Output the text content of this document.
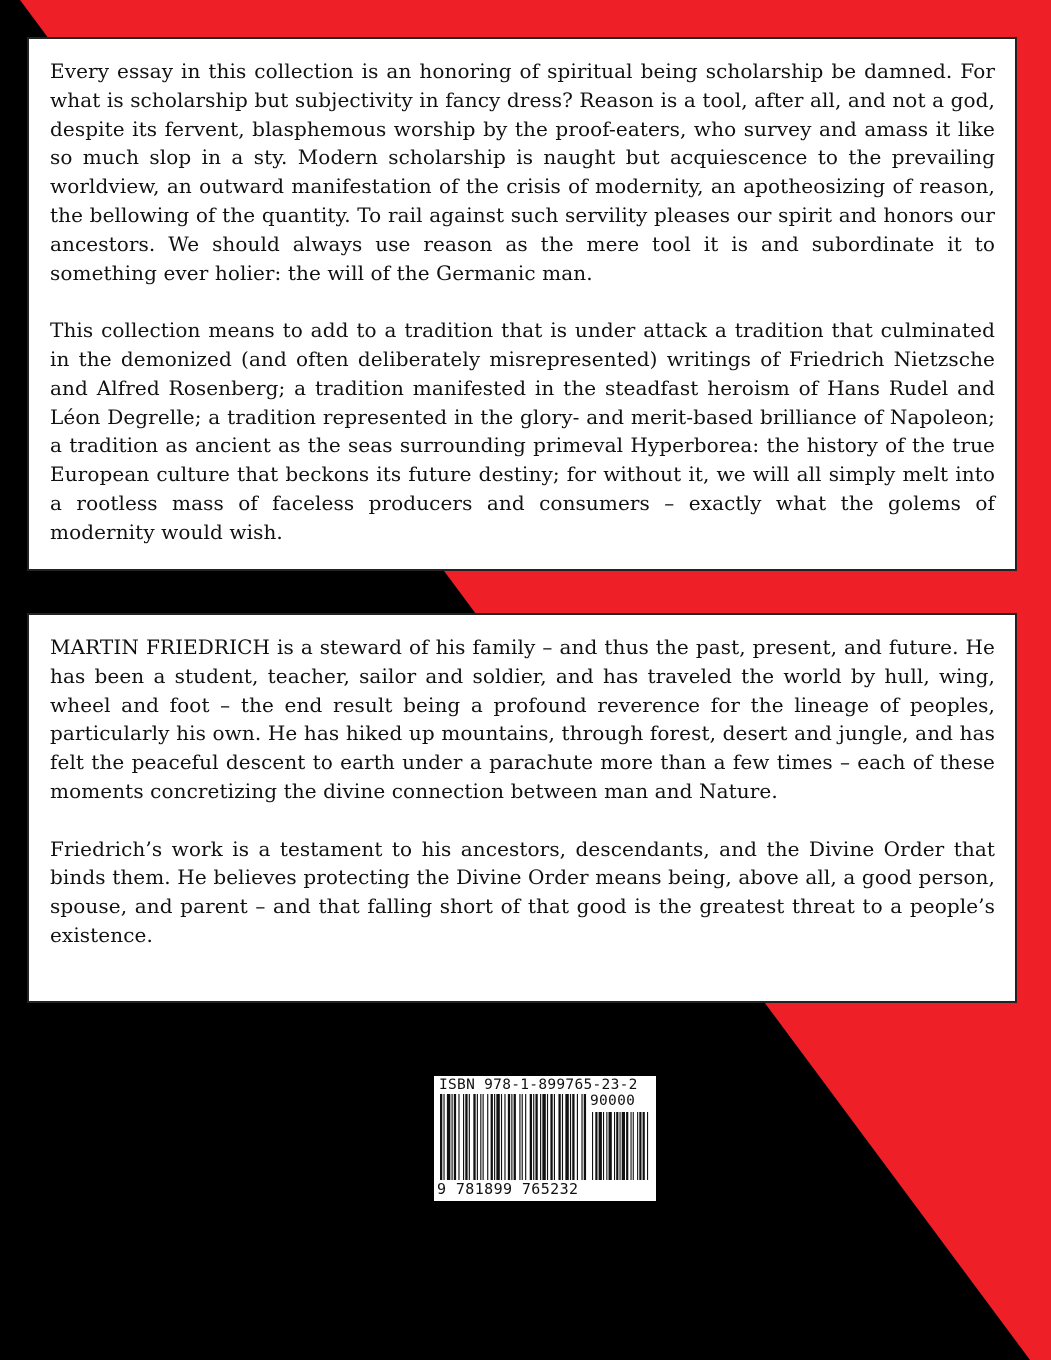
Every essay in this collection is an honoring of spiritual being scholarship be damned. For what is scholarship but subjectivity in fancy dress? Reason is a tool, after all, and not a god, despite its fervent, blasphemous worship by the proof-eaters, who survey and amass it like so much slop in a sty. Modern scholarship is naught but acquiescence to the prevailing worldview, an outward manifestation of the crisis of modernity, an apotheosizing of reason, the bellowing of the quantity. To rail against such servility pleases our spirit and honors our ancestors. We should always use reason as the mere tool it is and subordinate it to something ever holier: the will of the Germanic man.

This collection means to add to a tradition that is under attack a tradition that culminated in the demonized (and often deliberately misrepresented) writings of Friedrich Nietzsche and Alfred Rosenberg; a tradition manifested in the steadfast heroism of Hans Rudel and Léon Degrelle; a tradition represented in the glory- and merit-based brilliance of Napoleon; a tradition as ancient as the seas surrounding primeval Hyperborea: the history of the true European culture that beckons its future destiny; for without it, we will all simply melt into a rootless mass of faceless producers and consumers – exactly what the golems of modernity would wish.

MARTIN FRIEDRICH is a steward of his family – and thus the past, present, and future. He has been a student, teacher, sailor and soldier, and has traveled the world by hull, wing, wheel and foot – the end result being a profound reverence for the lineage of peoples, particularly his own. He has hiked up mountains, through forest, desert and jungle, and has felt the peaceful descent to earth under a parachute more than a few times – each of these moments concretizing the divine connection between man and Nature.

Friedrich’s work is a testament to his ancestors, descendants, and the Divine Order that binds them. He believes protecting the Divine Order means being, above all, a good person, spouse, and parent – and that falling short of that good is the greatest threat to a people’s existence.

ISBN 978-1-899765-23-2
90000
9 781899 765232
